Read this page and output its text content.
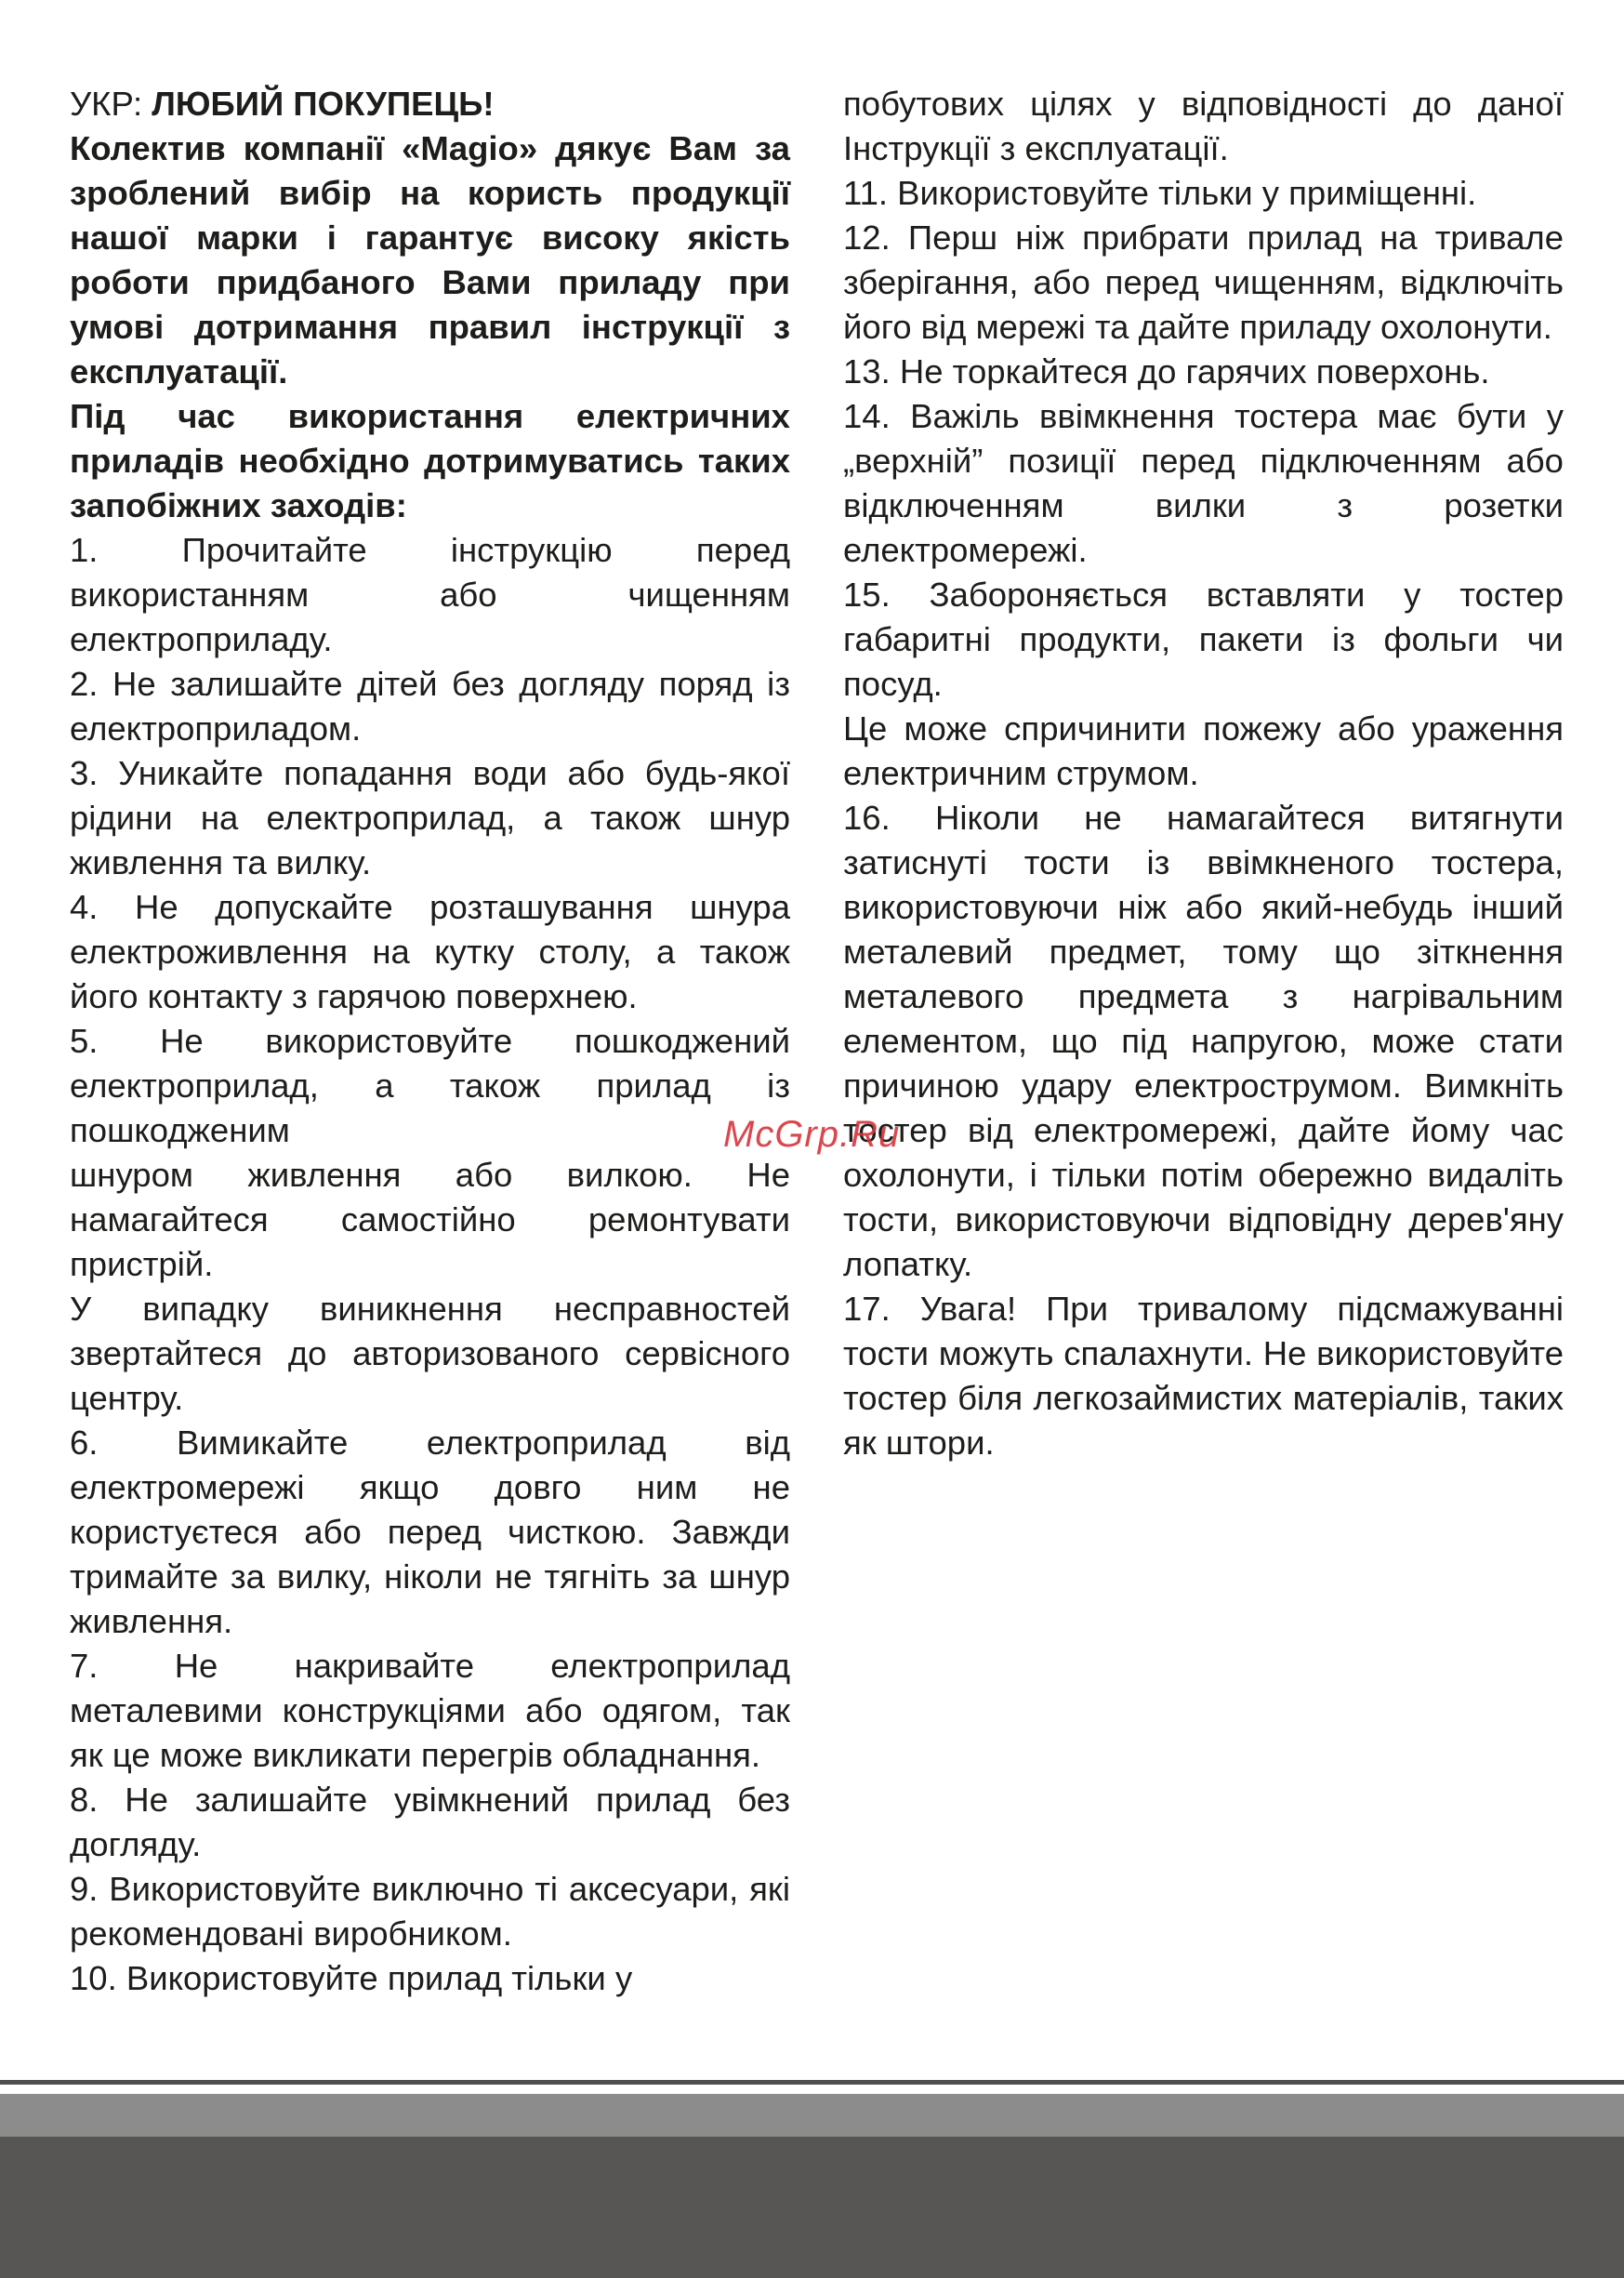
УКР: ЛЮБИЙ ПОКУПЕЦЬ!

Колектив компанії «Magio» дякує Вам за зроблений вибір на користь продукції нашої марки і гарантує високу якість роботи придбаного Вами приладу при умові дотримання правил інструкції з експлуатації.

Під час використання електричних приладів необхідно дотримуватись таких запобіжних заходів:

1. Прочитайте інструкцію перед використанням або чищенням електроприладу.

2. Не залишайте дітей без догляду поряд із електроприладом.

3. Уникайте попадання води або будь-якої рідини на електроприлад, а також шнур живлення та вилку.

4. Не допускайте розташування шнура електроживлення на кутку столу, а також його контакту з гарячою поверхнею.

5. Не використовуйте пошкоджений електроприлад, а також прилад із пошкодженим

шнуром живлення або вилкою. Не намагайтеся самостійно ремонтувати пристрій.

У випадку виникнення несправностей звертайтеся до авторизованого сервісного центру.

6. Вимикайте електроприлад від електромережі якщо довго ним не користуєтеся або перед чисткою. Завжди тримайте за вилку, ніколи не тягніть за шнур живлення.

7. Не накривайте електроприлад металевими конструкціями або одягом, так як це може викликати перегрів обладнання.

8. Не залишайте увімкнений прилад без догляду.

9. Використовуйте виключно ті аксесуари, які рекомендовані виробником.

10. Використовуйте прилад тільки у

побутових цілях у відповідності до даної Інструкції з експлуатації.

11. Використовуйте тільки у приміщенні.

12. Перш ніж прибрати прилад на тривале зберігання, або перед чищенням, відключіть його від мережі та дайте приладу охолонути.

13. Не торкайтеся до гарячих поверхонь.

14. Важіль ввімкнення тостера має бути у „верхній” позиції перед підключенням або відключенням вилки з розетки електромережі.

15. Забороняється вставляти у тостер габаритні продукти, пакети із фольги чи посуд.

Це може спричинити пожежу або ураження електричним струмом.

16. Ніколи не намагайтеся витягнути затиснуті тости із ввімкненого тостера, використовуючи ніж або який-небудь інший металевий предмет, тому що зіткнення металевого предмета з нагрівальним елементом, що під напругою, може стати причиною удару електрострумом. Вимкніть тостер від електромережі, дайте йому час охолонути, і тільки потім обережно видаліть тости, використовуючи відповідну дерев'яну лопатку.

17. Увага! При тривалому підсмажуванні тости можуть спалахнути. Не використовуйте тостер біля легкозаймистих матеріалів, таких як штори.

McGrp.Ru
